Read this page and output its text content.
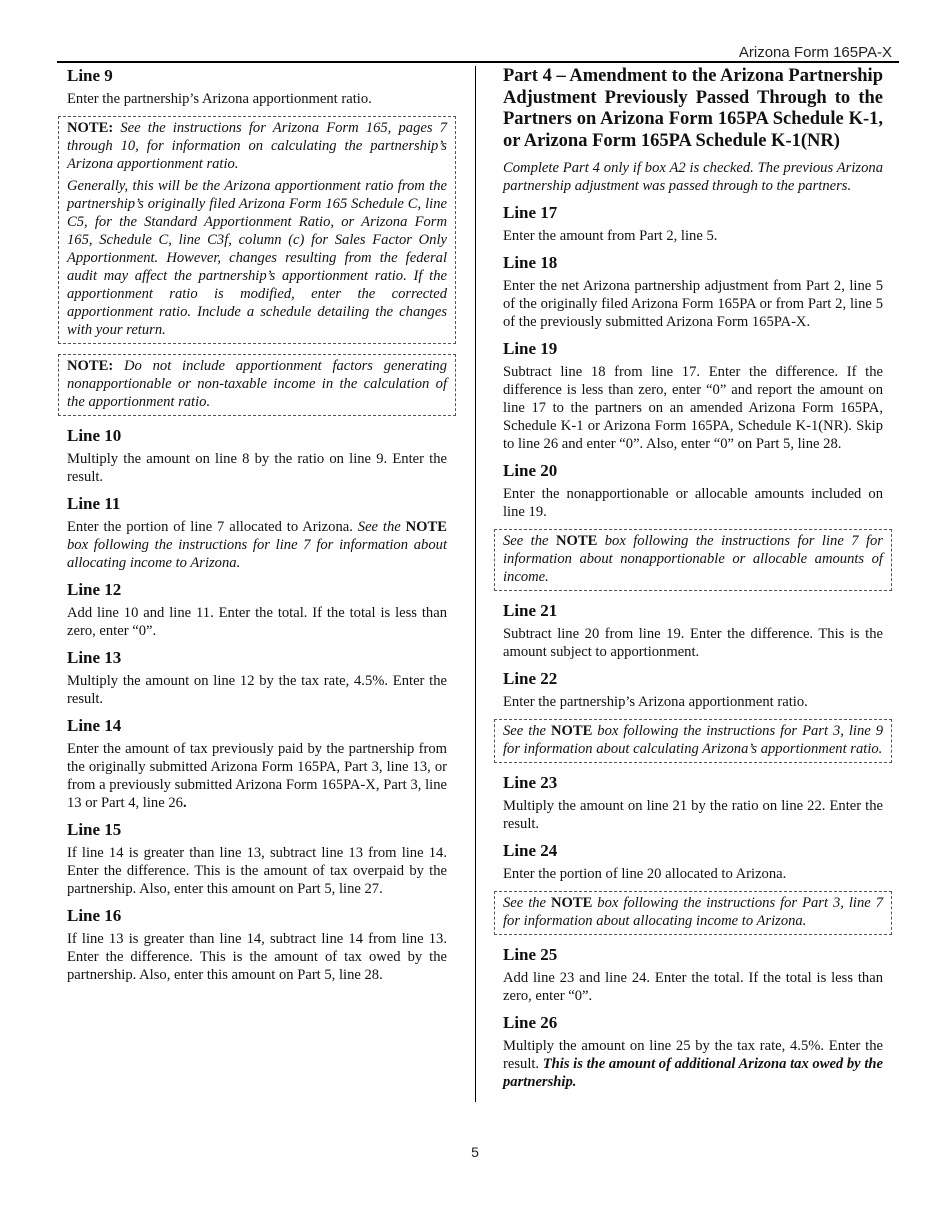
Arizona Form 165PA-X
Line 9

Enter the partnership’s Arizona apportionment ratio.

NOTE: See the instructions for Arizona Form 165, pages 7 through 10, for information on calculating the partnership’s Arizona apportionment ratio.

Generally, this will be the Arizona apportionment ratio from the partnership’s originally filed Arizona Form 165 Schedule C, line C5, for the Standard Apportionment Ratio, or Arizona Form 165, Schedule C, line C3f, column (c) for Sales Factor Only Apportionment. However, changes resulting from the federal audit may affect the partnership’s apportionment ratio. If the apportionment ratio is modified, enter the corrected apportionment ratio. Include a schedule detailing the changes with your return.

NOTE: Do not include apportionment factors generating nonapportionable or non-taxable income in the calculation of the apportionment ratio.

Line 10

Multiply the amount on line 8 by the ratio on line 9. Enter the result.

Line 11

Enter the portion of line 7 allocated to Arizona. See the NOTE box following the instructions for line 7 for information about allocating income to Arizona.

Line 12

Add line 10 and line 11. Enter the total. If the total is less than zero, enter “0”.

Line 13

Multiply the amount on line 12 by the tax rate, 4.5%. Enter the result.

Line 14

Enter the amount of tax previously paid by the partnership from the originally submitted Arizona Form 165PA, Part 3, line 13, or from a previously submitted Arizona Form 165PA-X, Part 3, line 13 or Part 4, line 26.

Line 15

If line 14 is greater than line 13, subtract line 13 from line 14. Enter the difference. This is the amount of tax overpaid by the partnership. Also, enter this amount on Part 5, line 27.

Line 16

If line 13 is greater than line 14, subtract line 14 from line 13. Enter the difference. This is the amount of tax owed by the partnership. Also, enter this amount on Part 5, line 28.

Part 4 – Amendment to the Arizona Partnership Adjustment Previously Passed Through to the Partners on Arizona Form 165PA Schedule K-1, or Arizona Form 165PA Schedule K-1(NR)

Complete Part 4 only if box A2 is checked. The previous Arizona partnership adjustment was passed through to the partners.

Line 17

Enter the amount from Part 2, line 5.

Line 18

Enter the net Arizona partnership adjustment from Part 2, line 5 of the originally filed Arizona Form 165PA or from Part 2, line 5 of the previously submitted Arizona Form 165PA-X.

Line 19

Subtract line 18 from line 17. Enter the difference. If the difference is less than zero, enter “0” and report the amount on line 17 to the partners on an amended Arizona Form 165PA, Schedule K-1 or Arizona Form 165PA, Schedule K-1(NR). Skip to line 26 and enter “0”. Also, enter “0” on Part 5, line 28.

Line 20

Enter the nonapportionable or allocable amounts included on line 19.

See the NOTE box following the instructions for line 7 for information about nonapportionable or allocable amounts of income.

Line 21

Subtract line 20 from line 19. Enter the difference. This is the amount subject to apportionment.

Line 22

Enter the partnership’s Arizona apportionment ratio.

See the NOTE box following the instructions for Part 3, line 9 for information about calculating Arizona’s apportionment ratio.

Line 23

Multiply the amount on line 21 by the ratio on line 22. Enter the result.

Line 24

Enter the portion of line 20 allocated to Arizona.

See the NOTE box following the instructions for Part 3, line 7 for information about allocating income to Arizona.

Line 25

Add line 23 and line 24. Enter the total. If the total is less than zero, enter “0”.

Line 26

Multiply the amount on line 25 by the tax rate, 4.5%. Enter the result. This is the amount of additional Arizona tax owed by the partnership.

5
